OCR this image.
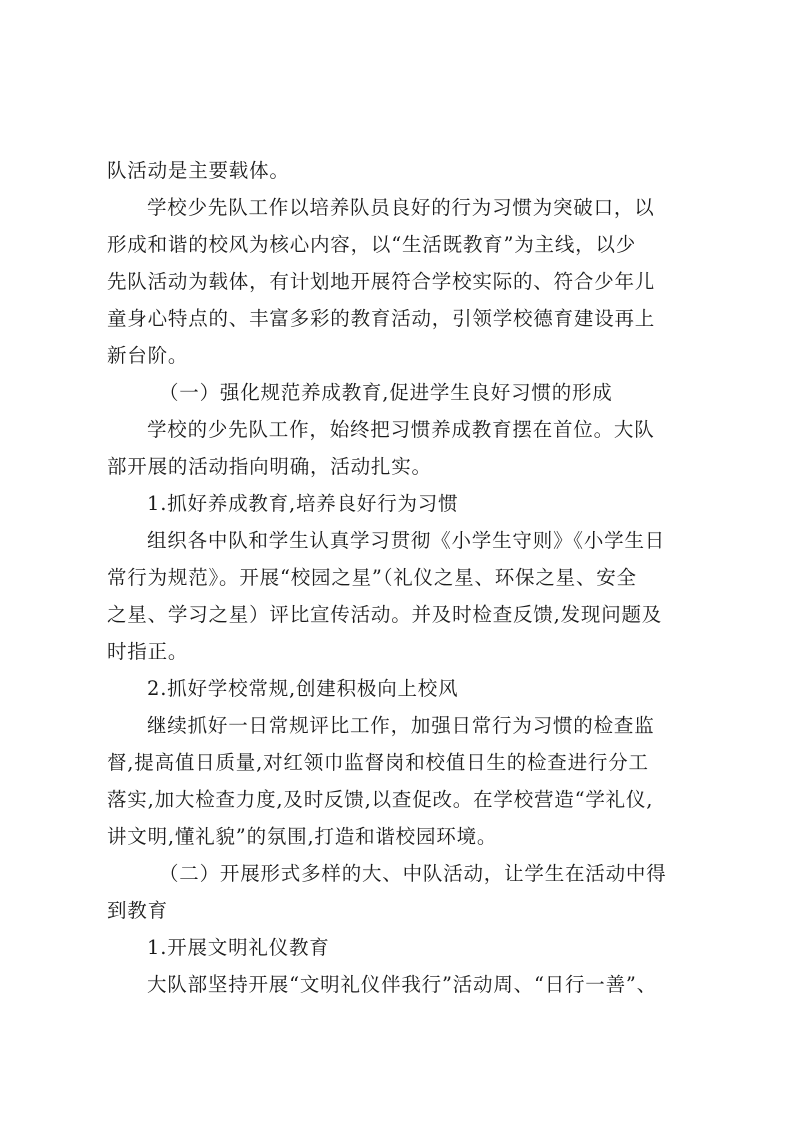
队活动是主要载体。
学校少先队工作以培养队员良好的行为习惯为突破口，以
形成和谐的校风为核心内容，以“生活既教育”为主线，以少
先队活动为载体，有计划地开展符合学校实际的、符合少年儿
童身心特点的、丰富多彩的教育活动，引领学校德育建设再上
新台阶。
（一）强化规范养成教育,促进学生良好习惯的形成
学校的少先队工作，始终把习惯养成教育摆在首位。大队
部开展的活动指向明确，活动扎实。
1.抓好养成教育,培养良好行为习惯
组织各中队和学生认真学习贯彻《小学生守则》《小学生日
常行为规范》。开展“校园之星”（礼仪之星、环保之星、安全
之星、学习之星）评比宣传活动。并及时检查反馈,发现问题及
时指正。
2.抓好学校常规,创建积极向上校风
继续抓好一日常规评比工作，加强日常行为习惯的检查监
督,提高值日质量,对红领巾监督岗和校值日生的检查进行分工
落实,加大检查力度,及时反馈,以查促改。在学校营造“学礼仪,
讲文明,懂礼貌”的氛围,打造和谐校园环境。
（二）开展形式多样的大、中队活动，让学生在活动中得
到教育
1.开展文明礼仪教育
大队部坚持开展“文明礼仪伴我行”活动周、“日行一善”、
